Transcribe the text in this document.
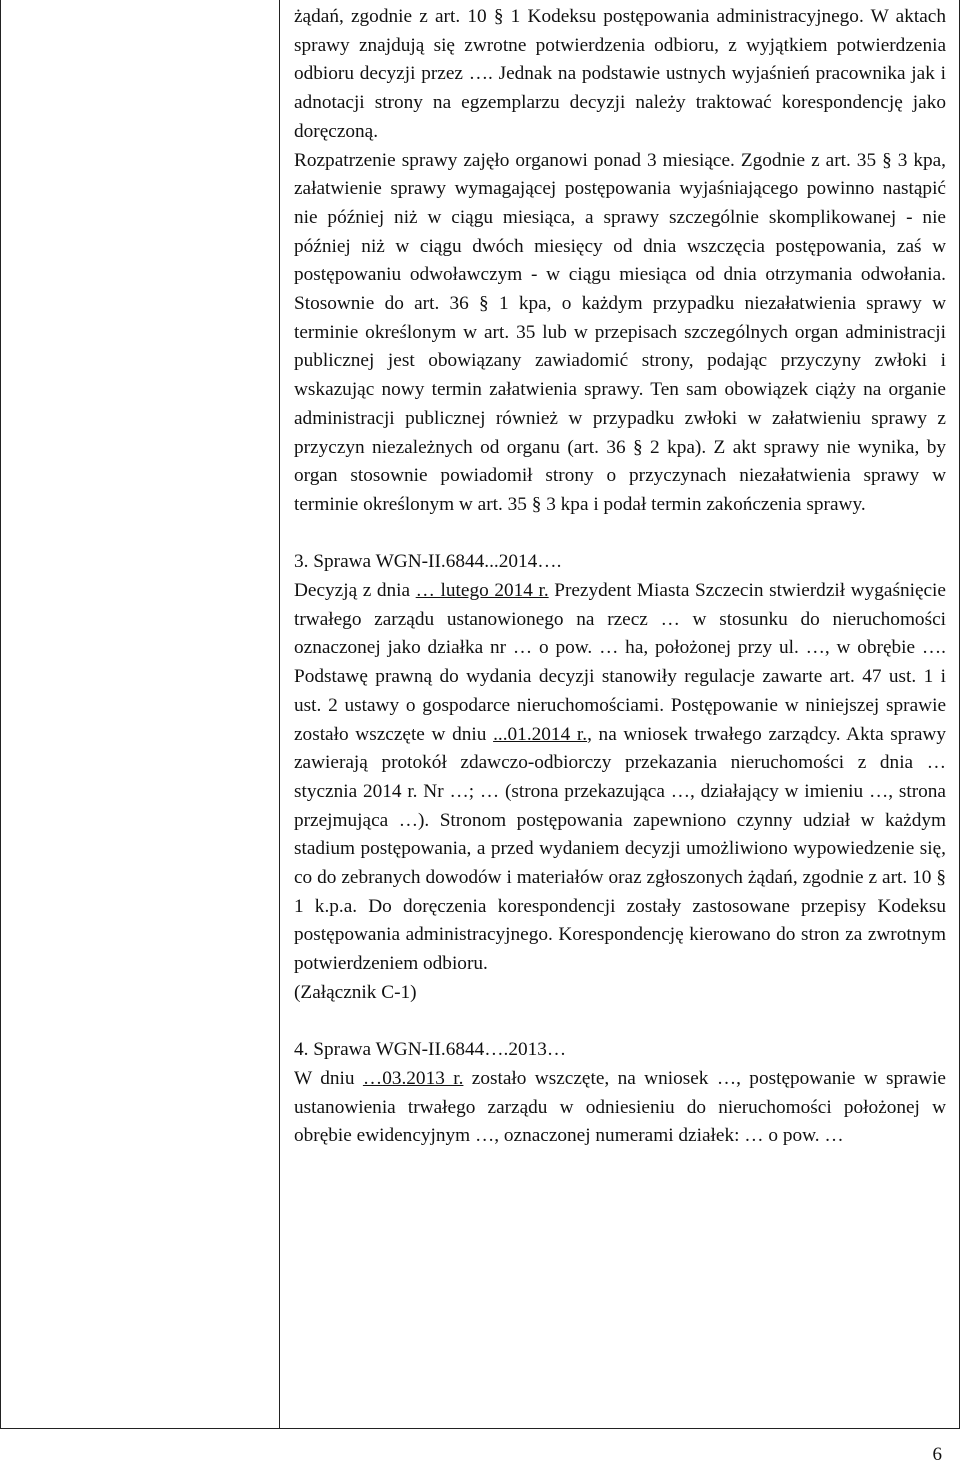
żądań, zgodnie z art. 10 § 1 Kodeksu postępowania administracyjnego. W aktach sprawy znajdują się zwrotne potwierdzenia odbioru, z wyjątkiem potwierdzenia odbioru decyzji przez …. Jednak na podstawie ustnych wyjaśnień pracownika jak i adnotacji strony na egzemplarzu decyzji należy traktować korespondencję jako doręczoną.

Rozpatrzenie sprawy zajęło organowi ponad 3 miesiące. Zgodnie z art. 35 § 3 kpa, załatwienie sprawy wymagającej postępowania wyjaśniającego powinno nastąpić nie później niż w ciągu miesiąca, a sprawy szczególnie skomplikowanej - nie później niż w ciągu dwóch miesięcy od dnia wszczęcia postępowania, zaś w postępowaniu odwoławczym - w ciągu miesiąca od dnia otrzymania odwołania. Stosownie do art. 36 § 1 kpa, o każdym przypadku niezałatwienia sprawy w terminie określonym w art. 35 lub w przepisach szczególnych organ administracji publicznej jest obowiązany zawiadomić strony, podając przyczyny zwłoki i wskazując nowy termin załatwienia sprawy. Ten sam obowiązek ciąży na organie administracji publicznej również w przypadku zwłoki w załatwieniu sprawy z przyczyn niezależnych od organu (art. 36 § 2 kpa). Z akt sprawy nie wynika, by organ stosownie powiadomił strony o przyczynach niezałatwienia sprawy w terminie określonym w art. 35 § 3 kpa i podał termin zakończenia sprawy.

3. Sprawa WGN-II.6844...2014….

Decyzją z dnia … lutego 2014 r. Prezydent Miasta Szczecin stwierdził wygaśnięcie trwałego zarządu ustanowionego na rzecz … w stosunku do nieruchomości oznaczonej jako działka nr … o pow. … ha, położonej przy ul. …, w obrębie …. Podstawę prawną do wydania decyzji stanowiły regulacje zawarte art. 47 ust. 1 i ust. 2 ustawy o gospodarce nieruchomościami. Postępowanie w niniejszej sprawie zostało wszczęte w dniu ...01.2014 r., na wniosek trwałego zarządcy. Akta sprawy zawierają protokół zdawczo-odbiorczy przekazania nieruchomości z dnia … stycznia 2014 r. Nr …; … (strona przekazująca …, działający w imieniu …, strona przejmująca …). Stronom postępowania zapewniono czynny udział w każdym stadium postępowania, a przed wydaniem decyzji umożliwiono wypowiedzenie się, co do zebranych dowodów i materiałów oraz zgłoszonych żądań, zgodnie z art. 10 § 1 k.p.a. Do doręczenia korespondencji zostały zastosowane przepisy Kodeksu postępowania administracyjnego. Korespondencję kierowano do stron za zwrotnym potwierdzeniem odbioru.

(Załącznik C-1)

4. Sprawa WGN-II.6844….2013…

W dniu …03.2013 r. zostało wszczęte, na wniosek …, postępowanie w sprawie ustanowienia trwałego zarządu w odniesieniu do nieruchomości położonej w obrębie ewidencyjnym …, oznaczonej numerami działek: … o pow. …

6
